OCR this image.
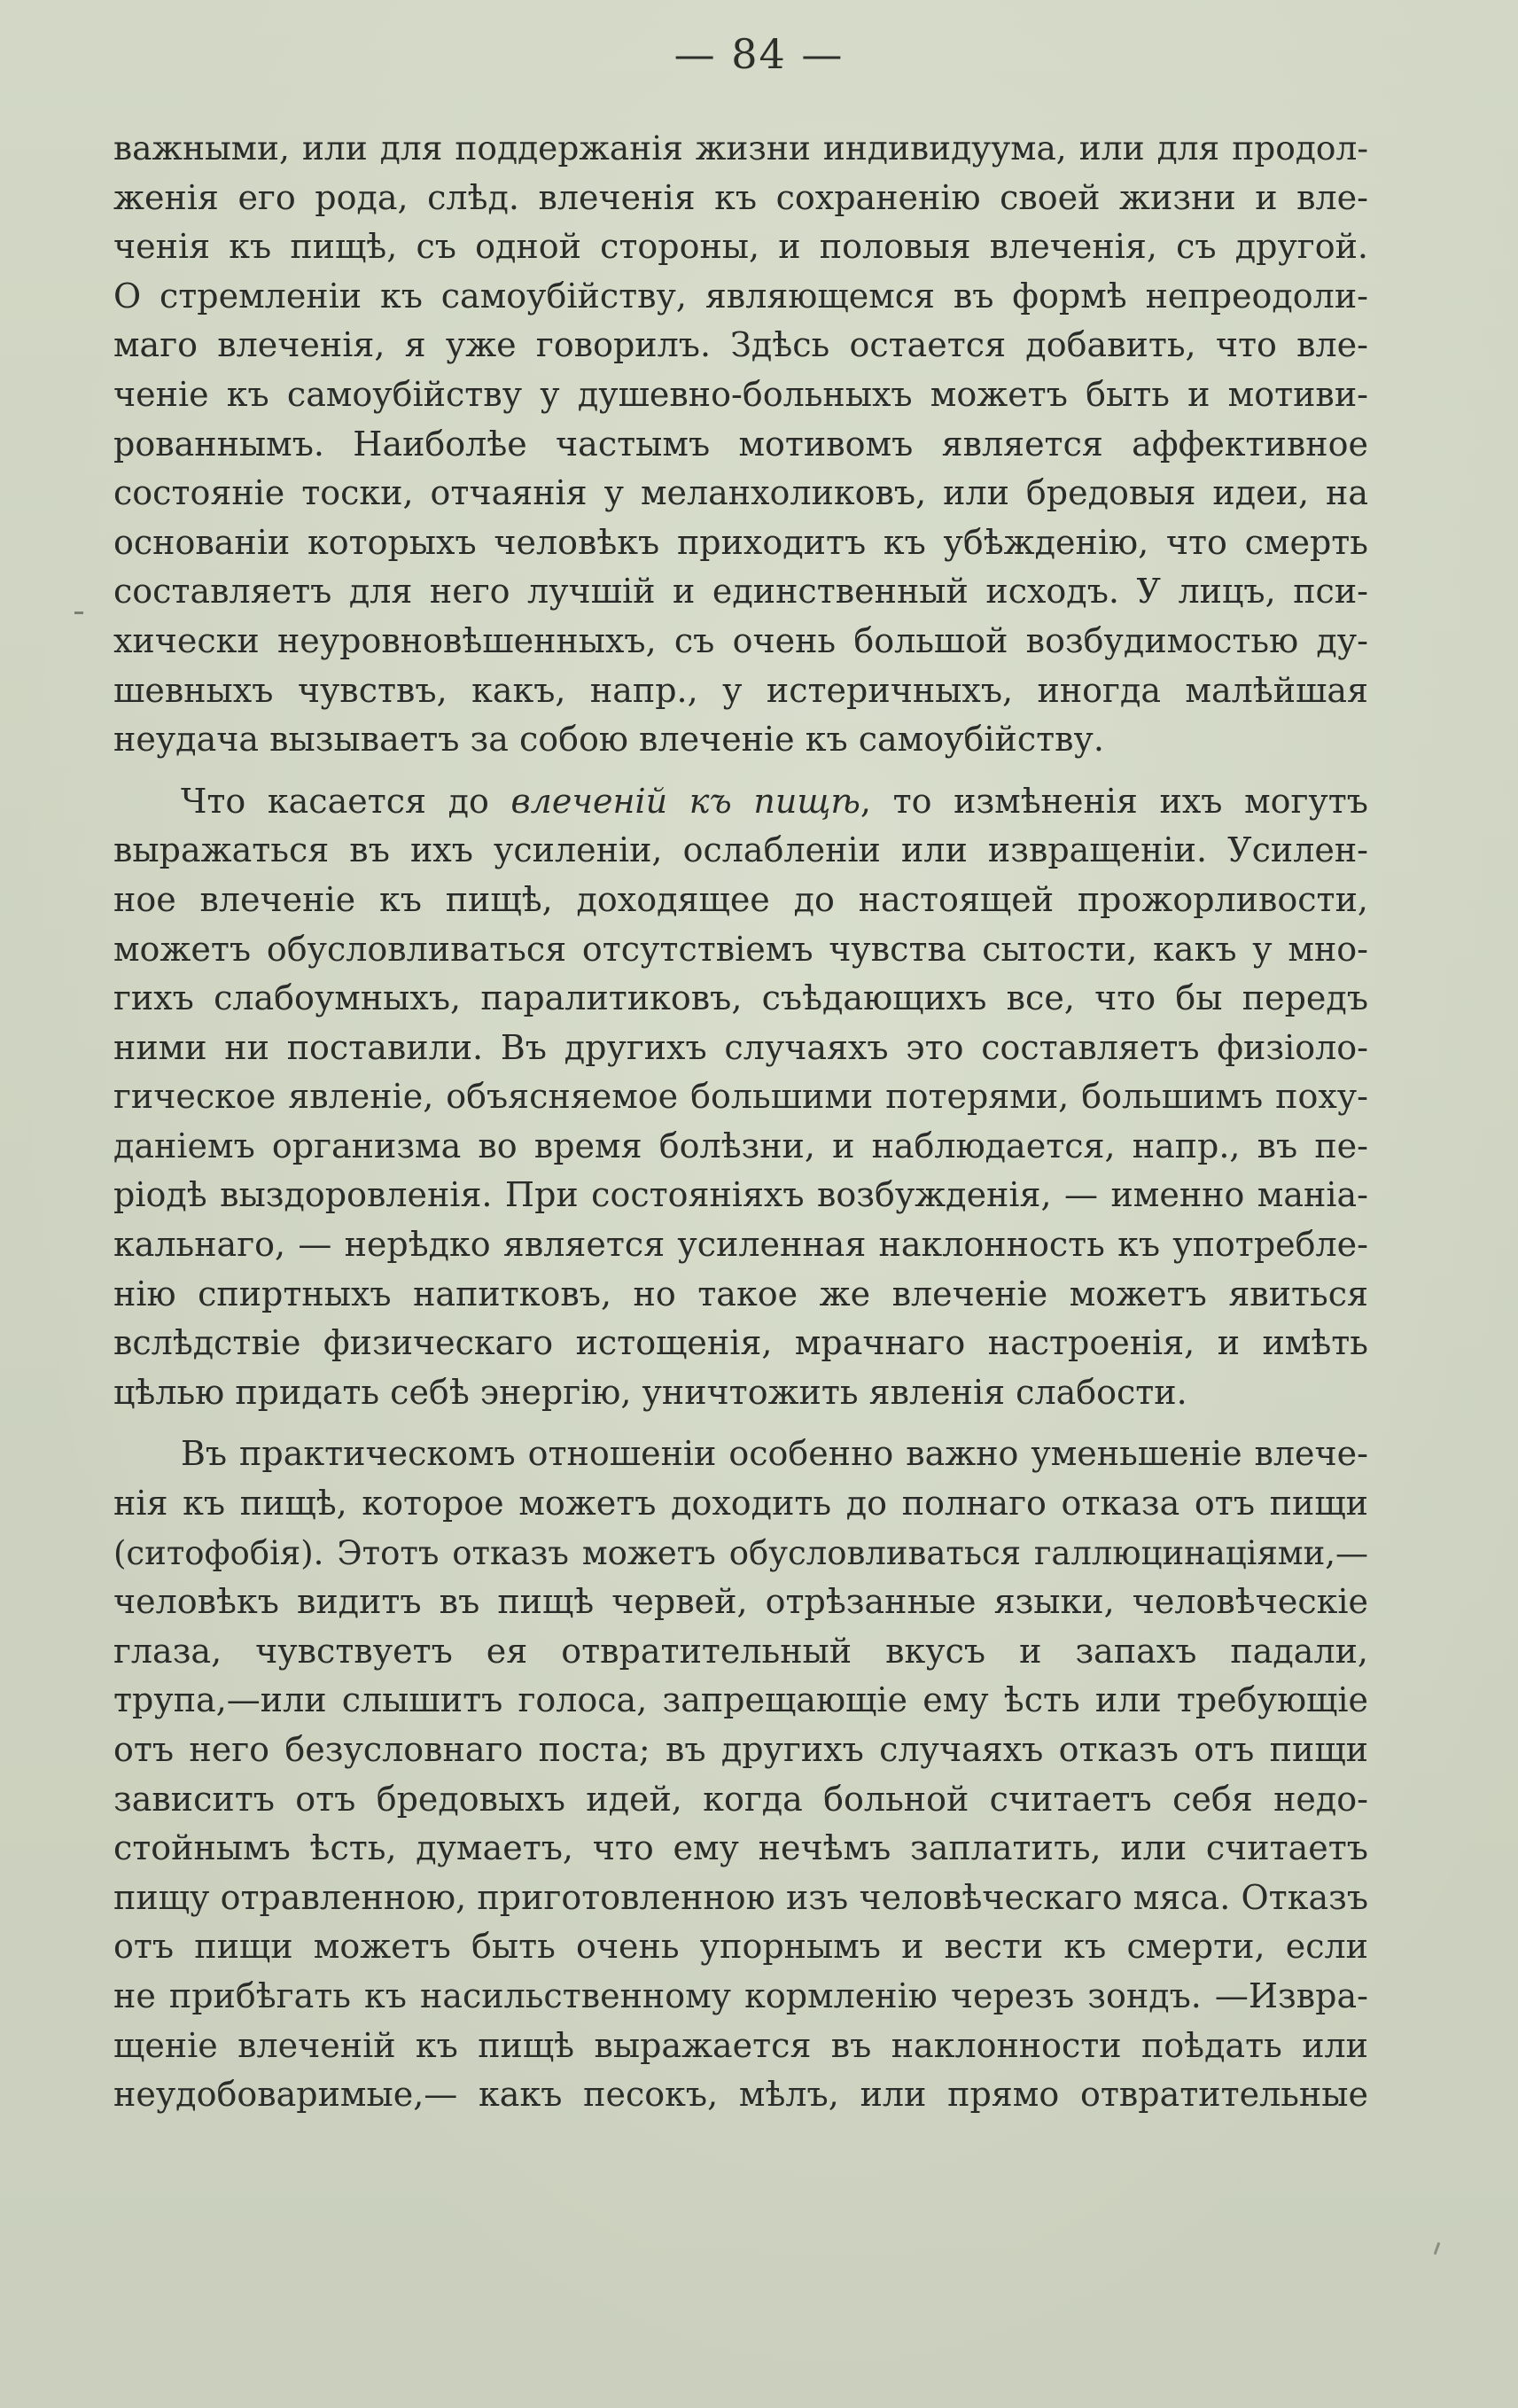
— 84 —
важными, или для поддержанія жизни индивидуума, или для продол-
женія его рода, слѣд. влеченія къ сохраненію своей жизни и вле-
ченія къ пищѣ, съ одной стороны, и половыя влеченія, съ другой.
О стремленіи къ самоубійству, являющемся въ формѣ непреодоли-
маго влеченія, я уже говорилъ. Здѣсь остается добавить, что вле-
ченіе къ самоубійству у душевно-больныхъ можетъ быть и мотиви-
рованнымъ. Наиболѣе частымъ мотивомъ является аффективное
состояніе тоски, отчаянія у меланхоликовъ, или бредовыя идеи, на
основаніи которыхъ человѣкъ приходитъ къ убѣжденію, что смерть
составляетъ для него лучшій и единственный исходъ. У лицъ, пси-
хически неуровновѣшенныхъ, съ очень большой возбудимостью ду-
шевныхъ чувствъ, какъ, напр., у истеричныхъ, иногда малѣйшая
неудача вызываетъ за собою влеченіе къ самоубійству.
Что касается до влеченій къ пищѣ, то измѣненія ихъ могутъ
выражаться въ ихъ усиленіи, ослабленіи или извращеніи. Усилен-
ное влеченіе къ пищѣ, доходящее до настоящей прожорливости,
можетъ обусловливаться отсутствіемъ чувства сытости, какъ у мно-
гихъ слабоумныхъ, паралитиковъ, съѣдающихъ все, что бы передъ
ними ни поставили. Въ другихъ случаяхъ это составляетъ физіоло-
гическое явленіе, объясняемое большими потерями, большимъ поху-
даніемъ организма во время болѣзни, и наблюдается, напр., въ пе-
ріодѣ выздоровленія. При состояніяхъ возбужденія, — именно маніа-
кальнаго, — нерѣдко является усиленная наклонность къ употребле-
нію спиртныхъ напитковъ, но такое же влеченіе можетъ явиться
вслѣдствіе физическаго истощенія, мрачнаго настроенія, и имѣть
цѣлью придать себѣ энергію, уничтожить явленія слабости.
Въ практическомъ отношеніи особенно важно уменьшеніе влече-
нія къ пищѣ, которое можетъ доходить до полнаго отказа отъ пищи
(ситофобія). Этотъ отказъ можетъ обусловливаться галлюцинаціями,—
человѣкъ видитъ въ пищѣ червей, отрѣзанные языки, человѣческіе
глаза, чувствуетъ ея отвратительный вкусъ и запахъ падали,
трупа,—или слышитъ голоса, запрещающіе ему ѣсть или требующіе
отъ него безусловнаго поста; въ другихъ случаяхъ отказъ отъ пищи
зависитъ отъ бредовыхъ идей, когда больной считаетъ себя недо-
стойнымъ ѣсть, думаетъ, что ему нечѣмъ заплатить, или считаетъ
пищу отравленною, приготовленною изъ человѣческаго мяса. Отказъ
отъ пищи можетъ быть очень упорнымъ и вести къ смерти, если
не прибѣгать къ насильственному кормленію черезъ зондъ. —Изврa-
щеніе влеченій къ пищѣ выражается въ наклонности поѣдать или
неудобоваримые,— какъ песокъ, мѣлъ, или прямо отвратительные
